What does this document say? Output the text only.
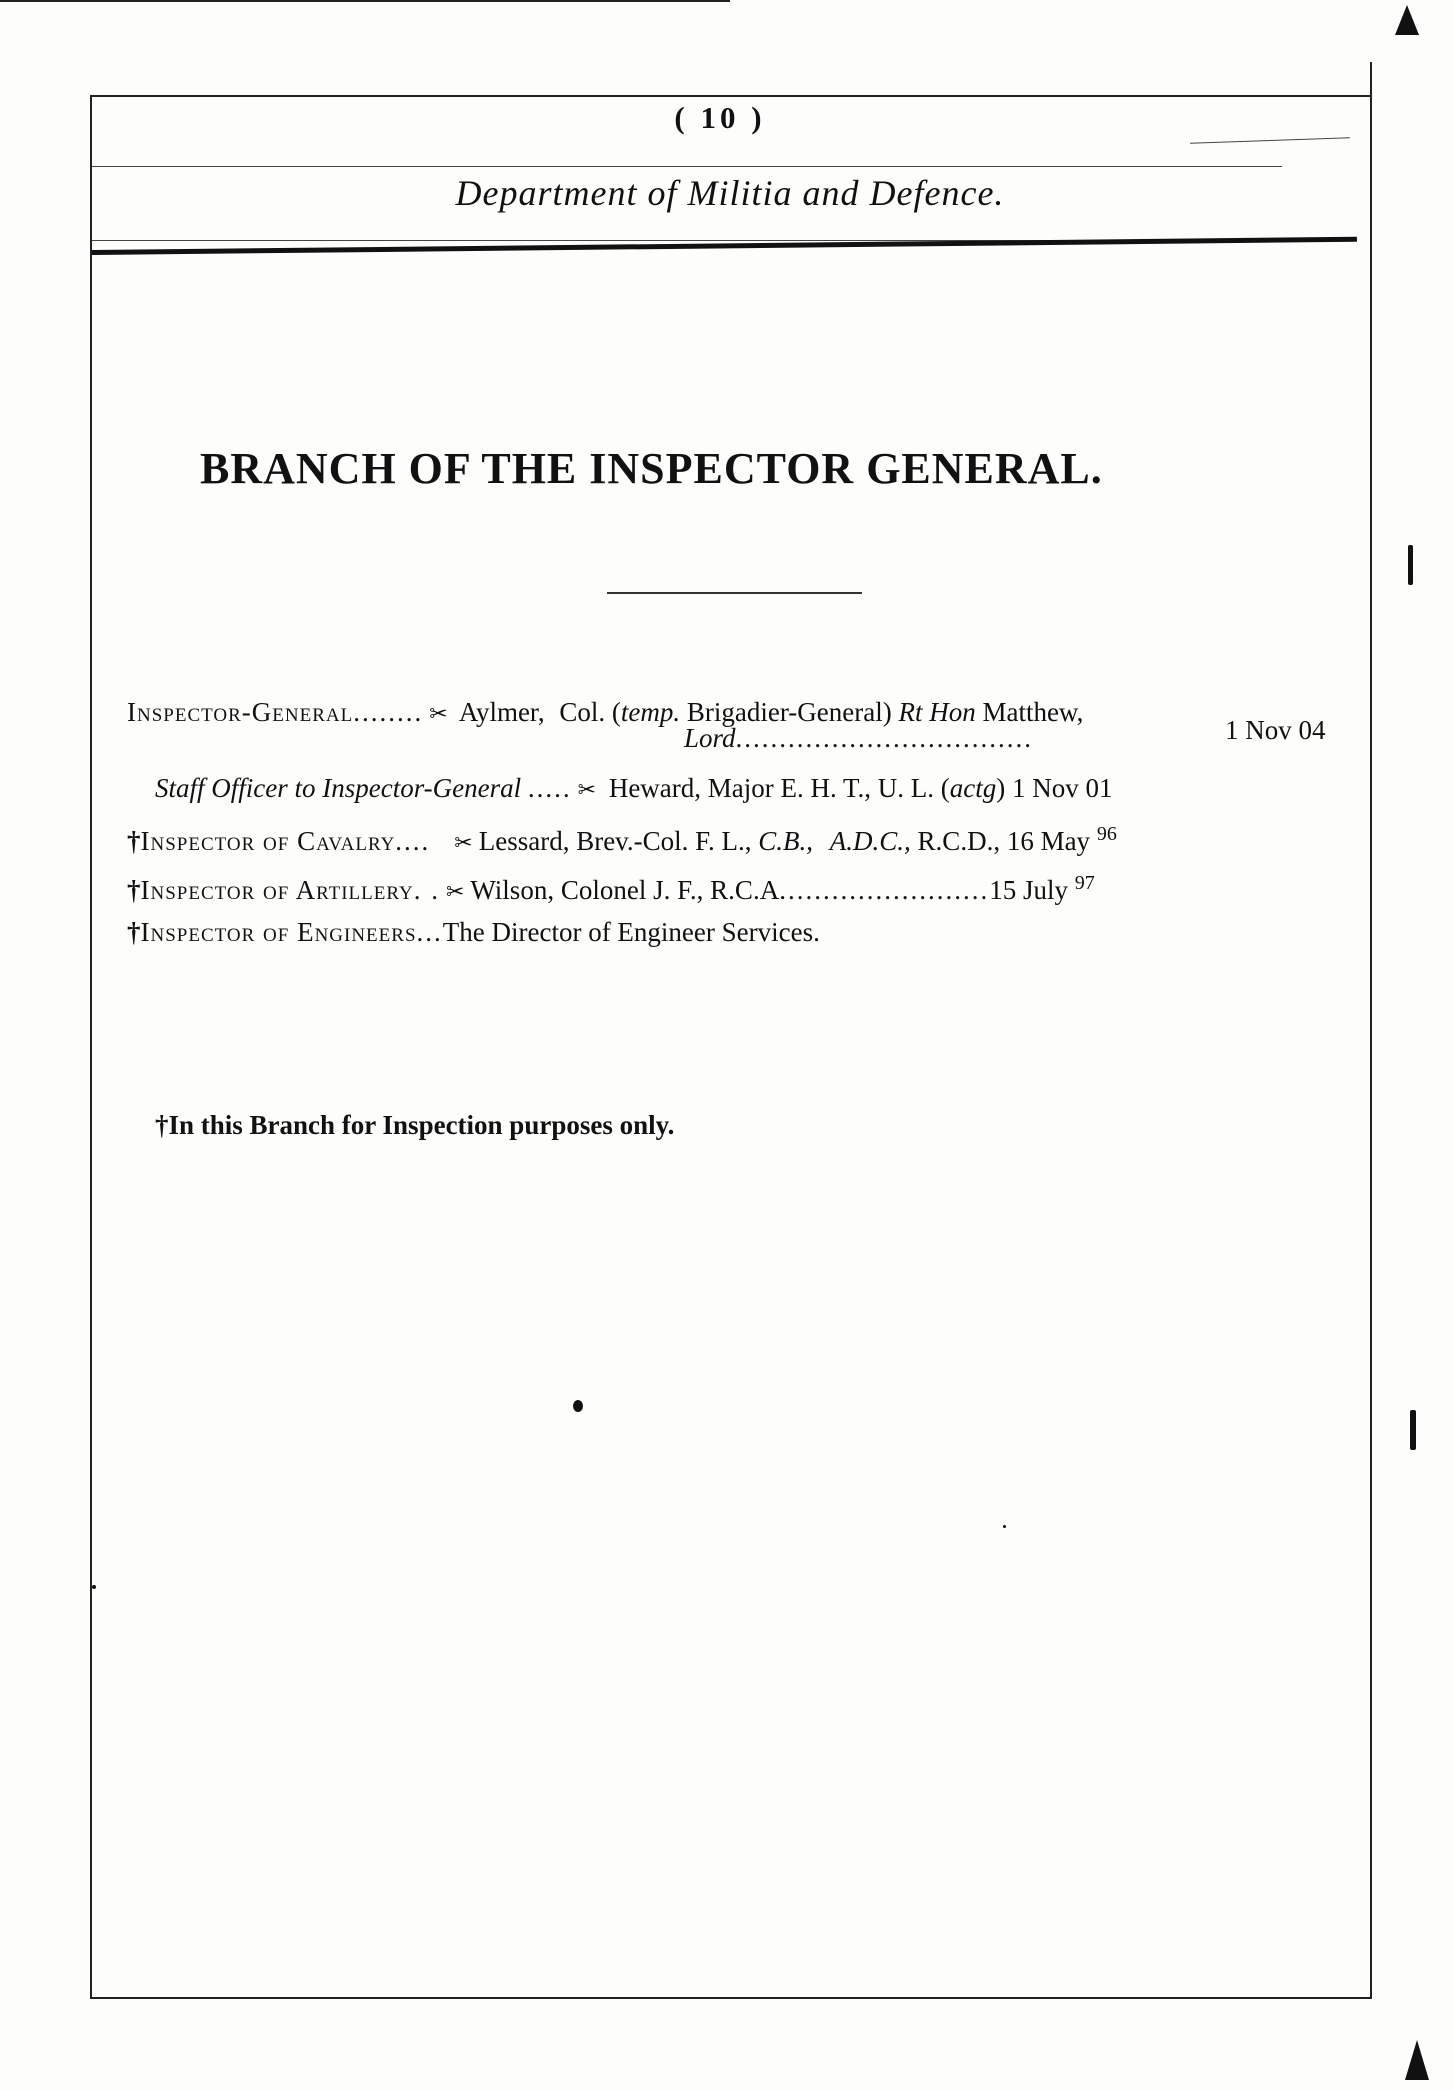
( 10 )
Department of Militia and Defence.
BRANCH OF THE INSPECTOR GENERAL.
Inspector-General........ ✂ Aylmer, Col. (temp. Brigadier-General) Rt Hon Matthew,
Lord..................................	1 Nov 04
Staff Officer to Inspector-General ..... ✂ Heward, Major E. H. T., U. L. (actg) 1 Nov 01
†Inspector of Cavalry.... ✂ Lessard, Brev.-Col. F. L., C.B., A.D.C., R.C.D., 16 May $^{96}$
†Inspector of Artillery. . ✂ Wilson, Colonel J. F., R.C.A........................15 July $^{97}$
†Inspector of Engineers...The Director of Engineer Services.
†In this Branch for Inspection purposes only.
